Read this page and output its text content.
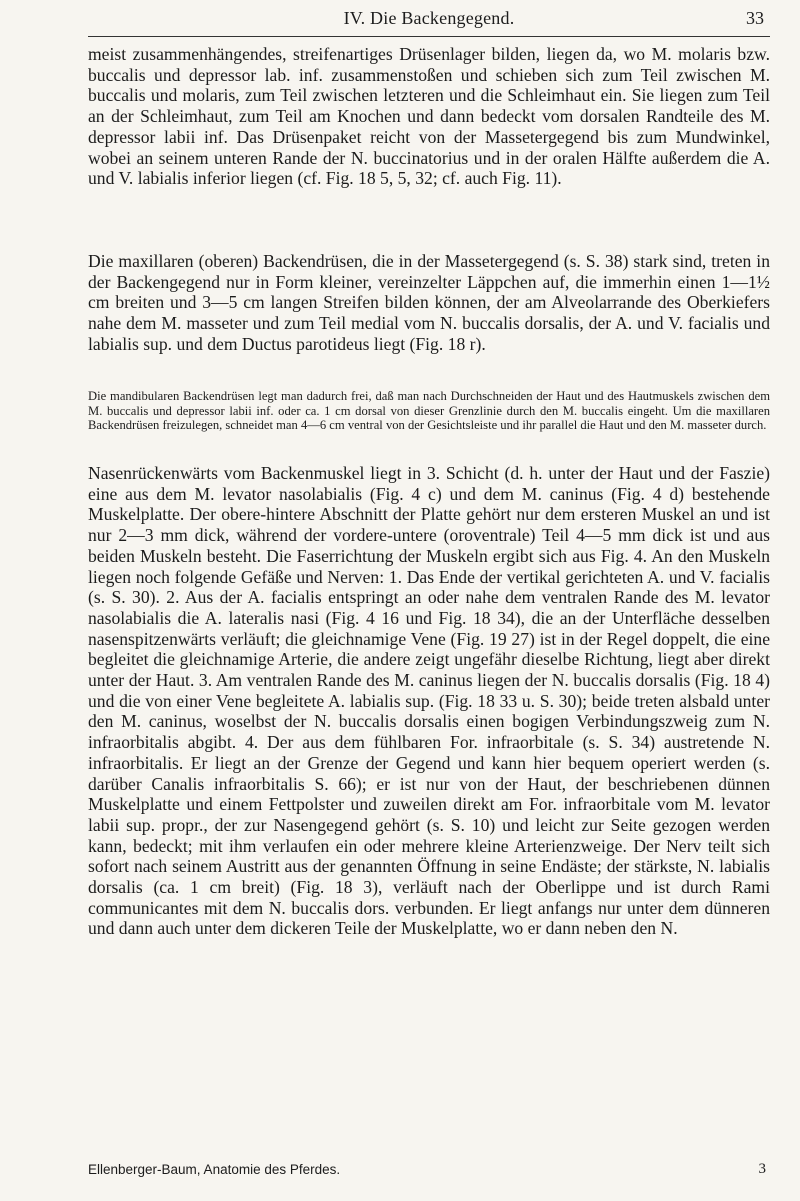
IV. Die Backengegend.	33

meist zusammenhängendes, streifenartiges Drüsenlager bilden, liegen da, wo M. molaris bzw. buccalis und depressor lab. inf. zusammenstoßen und schieben sich zum Teil zwischen M. buccalis und molaris, zum Teil zwischen letzteren und die Schleimhaut ein. Sie liegen zum Teil an der Schleimhaut, zum Teil am Knochen und dann bedeckt vom dorsalen Randteile des M. depressor labii inf. Das Drüsenpaket reicht von der Massetergegend bis zum Mundwinkel, wobei an seinem unteren Rande der N. buccinatorius und in der oralen Hälfte außerdem die A. und V. labialis inferior liegen (cf. Fig. 18 5, 5, 32; cf. auch Fig. 11).

Die maxillaren (oberen) Backendrüsen, die in der Massetergegend (s. S. 38) stark sind, treten in der Backengegend nur in Form kleiner, vereinzelter Läppchen auf, die immerhin einen 1—1½ cm breiten und 3—5 cm langen Streifen bilden können, der am Alveolarrande des Oberkiefers nahe dem M. masseter und zum Teil medial vom N. buccalis dorsalis, der A. und V. facialis und labialis sup. und dem Ductus parotideus liegt (Fig. 18 r).

Die mandibularen Backendrüsen legt man dadurch frei, daß man nach Durchschneiden der Haut und des Hautmuskels zwischen dem M. buccalis und depressor labii inf. oder ca. 1 cm dorsal von dieser Grenzlinie durch den M. buccalis eingeht. Um die maxillaren Backendrüsen freizulegen, schneidet man 4—6 cm ventral von der Gesichtsleiste und ihr parallel die Haut und den M. masseter durch.

Nasenrückenwärts vom Backenmuskel liegt in 3. Schicht (d. h. unter der Haut und der Faszie) eine aus dem M. levator nasolabialis (Fig. 4 c) und dem M. caninus (Fig. 4 d) bestehende Muskelplatte. Der obere-hintere Abschnitt der Platte gehört nur dem ersteren Muskel an und ist nur 2—3 mm dick, während der vordere-untere (oroventrale) Teil 4—5 mm dick ist und aus beiden Muskeln besteht. Die Faserrichtung der Muskeln ergibt sich aus Fig. 4. An den Muskeln liegen noch folgende Gefäße und Nerven: 1. Das Ende der vertikal gerichteten A. und V. facialis (s. S. 30). 2. Aus der A. facialis entspringt an oder nahe dem ventralen Rande des M. levator nasolabialis die A. lateralis nasi (Fig. 4 16 und Fig. 18 34), die an der Unterfläche desselben nasenspitzenwärts verläuft; die gleichnamige Vene (Fig. 19 27) ist in der Regel doppelt, die eine begleitet die gleichnamige Arterie, die andere zeigt ungefähr dieselbe Richtung, liegt aber direkt unter der Haut. 3. Am ventralen Rande des M. caninus liegen der N. buccalis dorsalis (Fig. 18 4) und die von einer Vene begleitete A. labialis sup. (Fig. 18 33 u. S. 30); beide treten alsbald unter den M. caninus, woselbst der N. buccalis dorsalis einen bogigen Verbindungszweig zum N. infraorbitalis abgibt. 4. Der aus dem fühlbaren For. infraorbitale (s. S. 34) austretende N. infraorbitalis. Er liegt an der Grenze der Gegend und kann hier bequem operiert werden (s. darüber Canalis infraorbitalis S. 66); er ist nur von der Haut, der beschriebenen dünnen Muskelplatte und einem Fettpolster und zuweilen direkt am For. infraorbitale vom M. levator labii sup. propr., der zur Nasengegend gehört (s. S. 10) und leicht zur Seite gezogen werden kann, bedeckt; mit ihm verlaufen ein oder mehrere kleine Arterienzweige. Der Nerv teilt sich sofort nach seinem Austritt aus der genannten Öffnung in seine Endäste; der stärkste, N. labialis dorsalis (ca. 1 cm breit) (Fig. 18 3), verläuft nach der Oberlippe und ist durch Rami communicantes mit dem N. buccalis dors. verbunden. Er liegt anfangs nur unter dem dünneren und dann auch unter dem dickeren Teile der Muskelplatte, wo er dann neben den N.

Ellenberger-Baum, Anatomie des Pferdes.	3
